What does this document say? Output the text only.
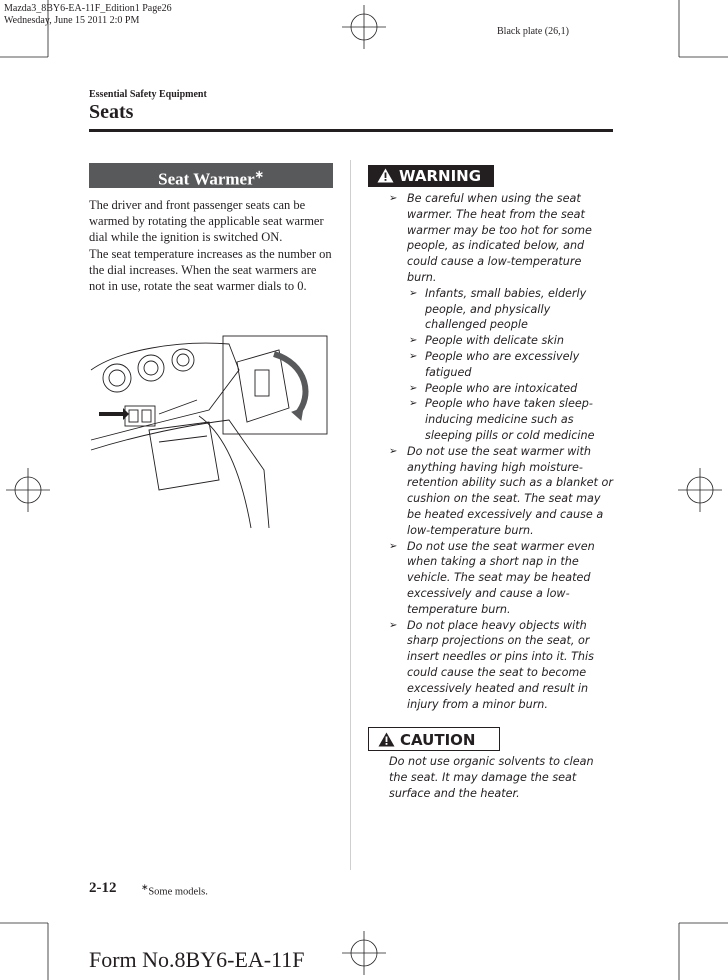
Mazda3_8BY6-EA-11F_Edition1 Page26
Wednesday, June 15 2011 2:0 PM
Black plate (26,1)
Essential Safety Equipment
Seats
Seat Warmer∗

The driver and front passenger seats can be warmed by rotating the applicable seat warmer dial while the ignition is switched ON.

The seat temperature increases as the number on the dial increases. When the seat warmers are not in use, rotate the seat warmer dials to 0.

WARNING
➢ Be careful when using the seat warmer. The heat from the seat warmer may be too hot for some people, as indicated below, and could cause a low-temperature burn.
➢ Infants, small babies, elderly people, and physically challenged people
➢ People with delicate skin
➢ People who are excessively fatigued
➢ People who are intoxicated
➢ People who have taken sleep-inducing medicine such as sleeping pills or cold medicine
➢ Do not use the seat warmer with anything having high moisture-retention ability such as a blanket or cushion on the seat. The seat may be heated excessively and cause a low-temperature burn.
➢ Do not use the seat warmer even when taking a short nap in the vehicle. The seat may be heated excessively and cause a low-temperature burn.
➢ Do not place heavy objects with sharp projections on the seat, or insert needles or pins into it. This could cause the seat to become excessively heated and result in injury from a minor burn.
CAUTION
Do not use organic solvents to clean the seat. It may damage the seat surface and the heater.
2-12	∗Some models.
Form No.8BY6-EA-11F
